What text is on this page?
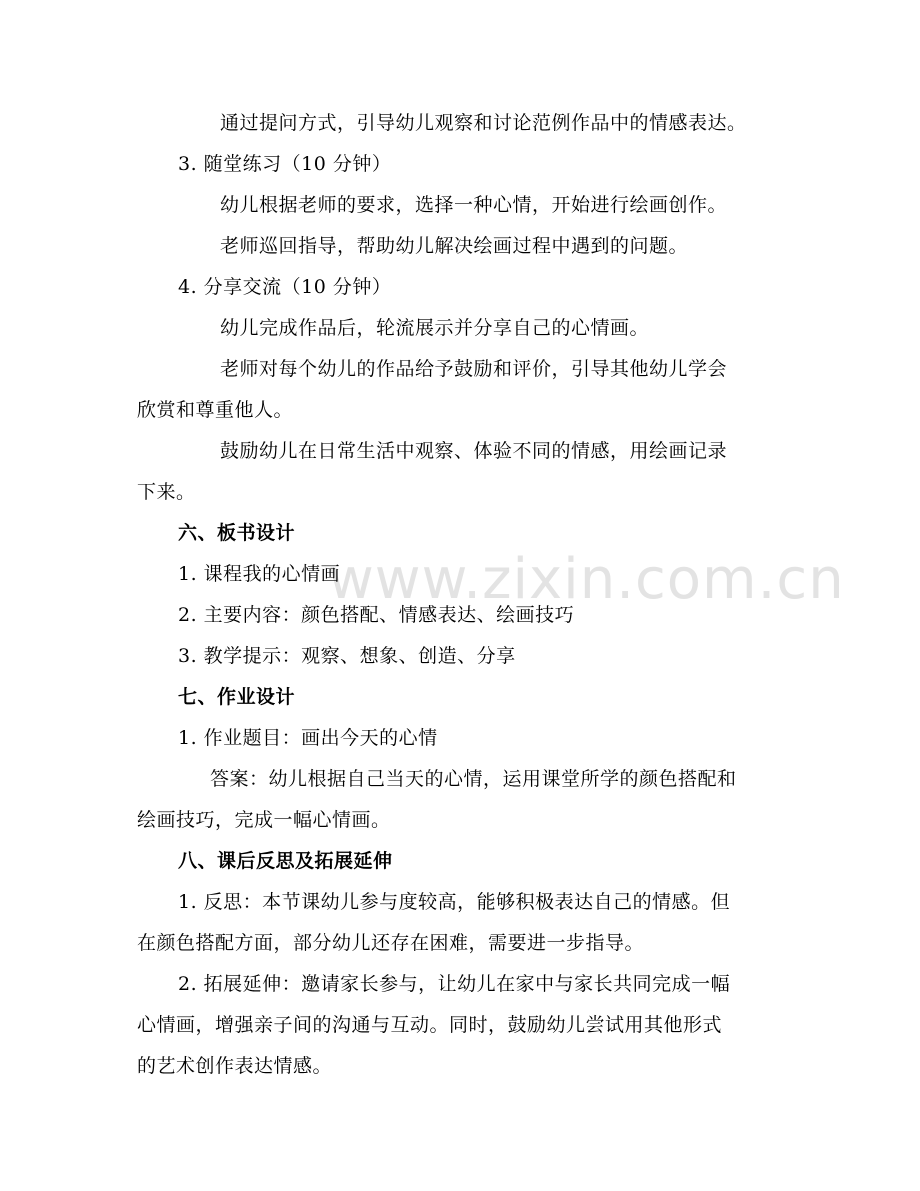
www.zixin.com.cn

通过提问方式，引导幼儿观察和讨论范例作品中的情感表达。

3. 随堂练习（10 分钟）

幼儿根据老师的要求，选择一种心情，开始进行绘画创作。

老师巡回指导，帮助幼儿解决绘画过程中遇到的问题。

4. 分享交流（10 分钟）

幼儿完成作品后，轮流展示并分享自己的心情画。

老师对每个幼儿的作品给予鼓励和评价，引导其他幼儿学会

欣赏和尊重他人。

鼓励幼儿在日常生活中观察、体验不同的情感，用绘画记录

下来。

六、板书设计

1. 课程我的心情画

2. 主要内容：颜色搭配、情感表达、绘画技巧

3. 教学提示：观察、想象、创造、分享

七、作业设计

1. 作业题目：画出今天的心情

答案：幼儿根据自己当天的心情，运用课堂所学的颜色搭配和

绘画技巧，完成一幅心情画。

八、课后反思及拓展延伸

1. 反思：本节课幼儿参与度较高，能够积极表达自己的情感。但

在颜色搭配方面，部分幼儿还存在困难，需要进一步指导。

2. 拓展延伸：邀请家长参与，让幼儿在家中与家长共同完成一幅

心情画，增强亲子间的沟通与互动。同时，鼓励幼儿尝试用其他形式

的艺术创作表达情感。
